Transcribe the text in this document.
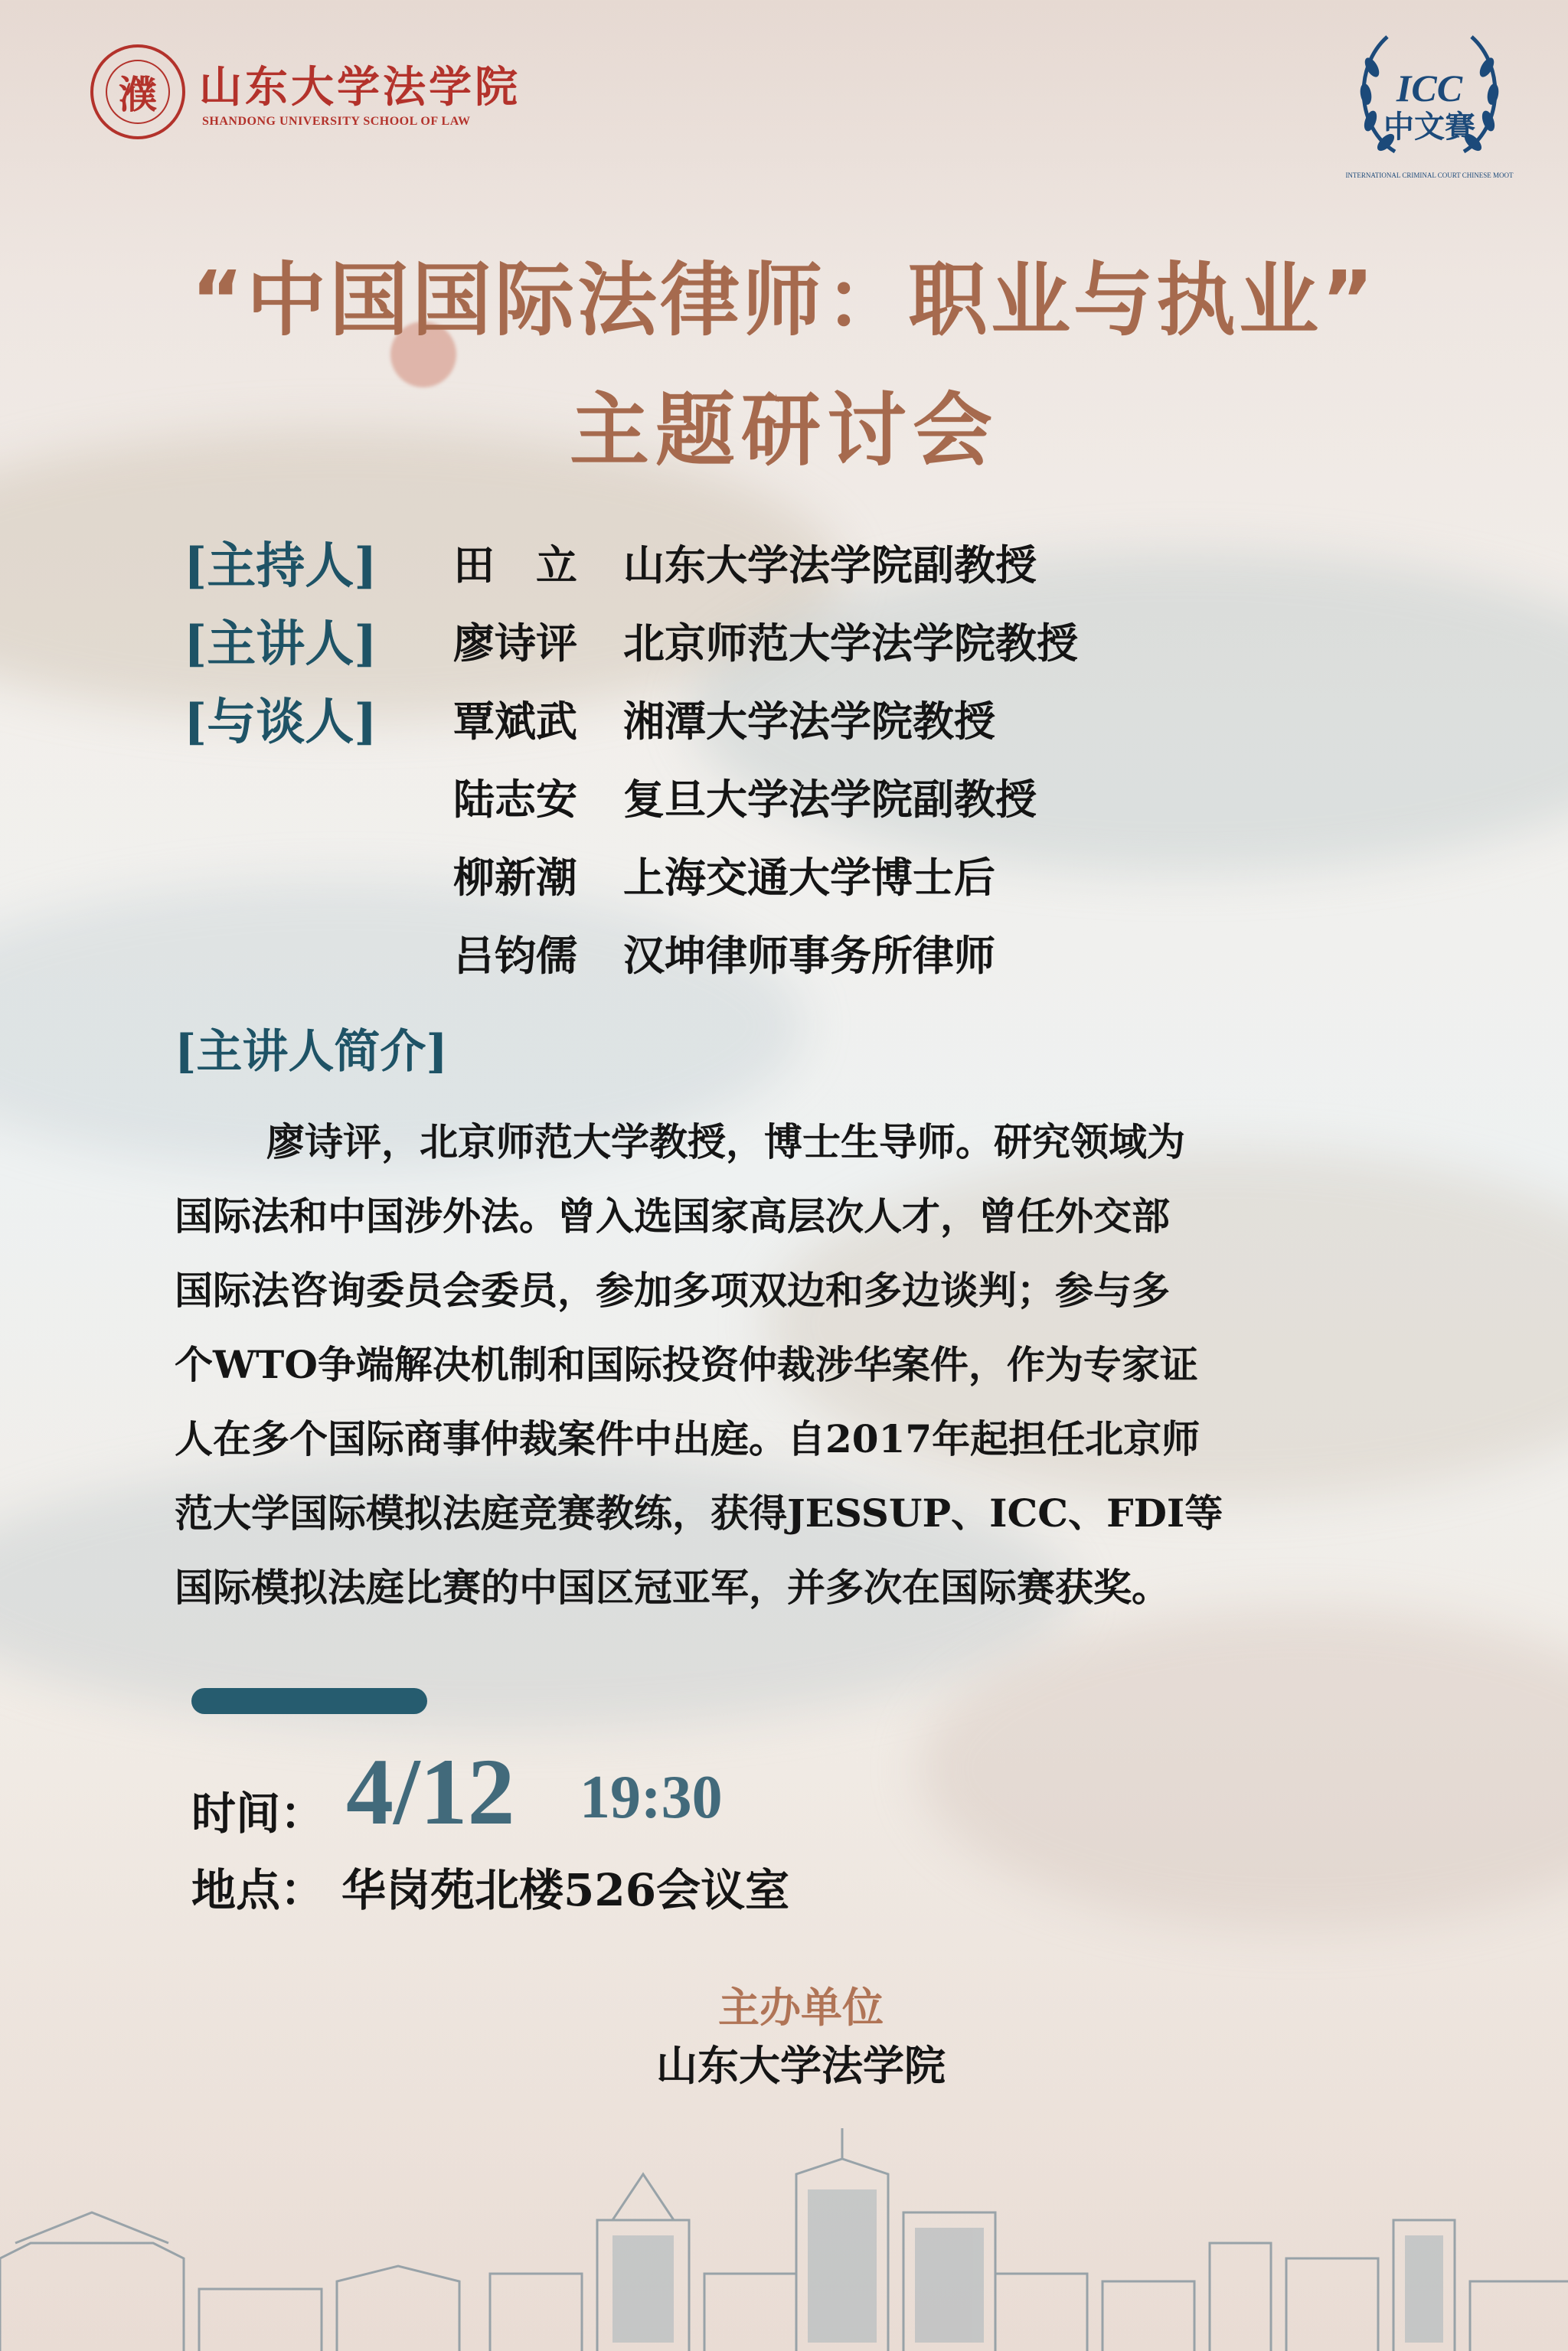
濮 山东大学法学院
SHANDONG UNIVERSITY SCHOOL OF LAW
ICC
中文賽
INTERNATIONAL CRIMINAL COURT CHINESE MOOT
“中国国际法律师：职业与执业”
主题研讨会
[主持人] 田　立 山东大学法学院副教授
[主讲人] 廖诗评 北京师范大学法学院教授
[与谈人] 覃斌武 湘潭大学法学院教授
陆志安 复旦大学法学院副教授
柳新潮 上海交通大学博士后
吕钧儒 汉坤律师事务所律师
[主讲人简介]
廖诗评，北京师范大学教授，博士生导师。研究领域为
国际法和中国涉外法。曾入选国家高层次人才，曾任外交部
国际法咨询委员会委员，参加多项双边和多边谈判；参与多
个WTO争端解决机制和国际投资仲裁涉华案件，作为专家证
人在多个国际商事仲裁案件中出庭。自2017年起担任北京师
范大学国际模拟法庭竞赛教练，获得JESSUP、ICC、FDI等
国际模拟法庭比赛的中国区冠亚军，并多次在国际赛获奖。
时间： 4/12 19:30
地点： 华岗苑北楼526会议室
主办单位
山东大学法学院
